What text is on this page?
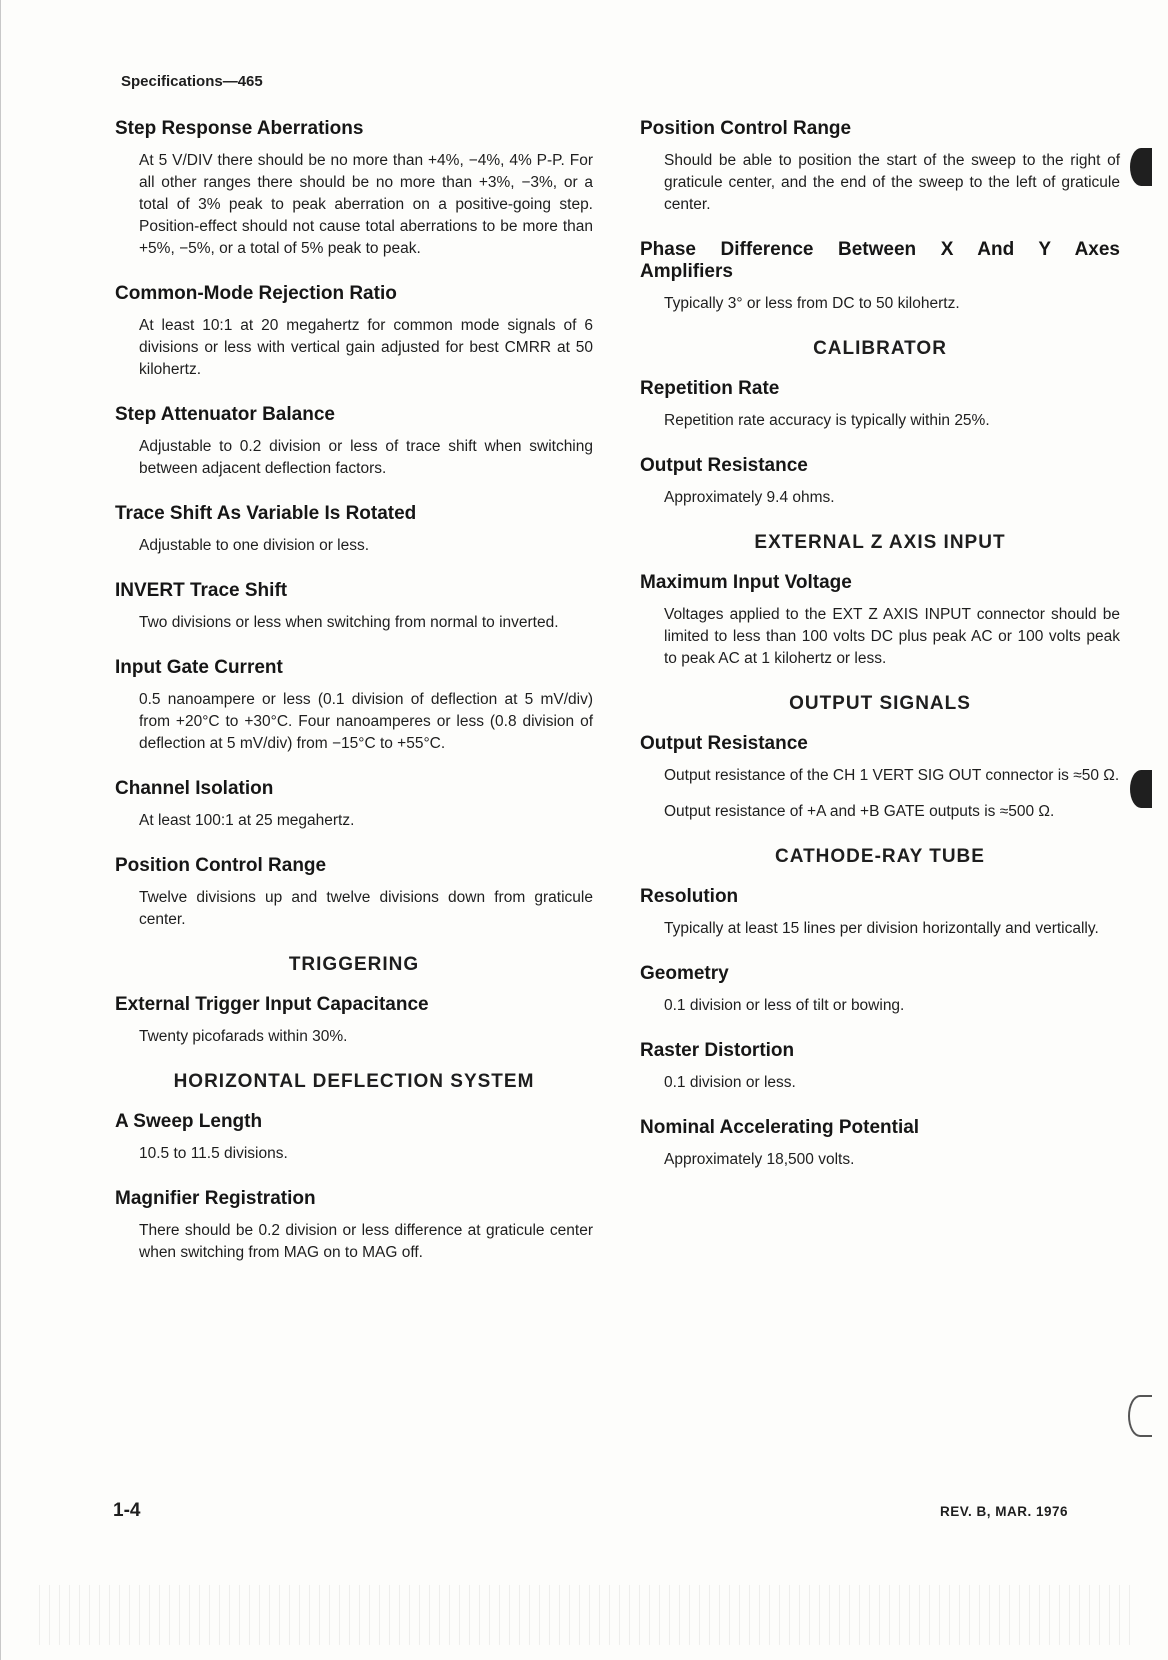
Specifications—465
Step Response Aberrations
At 5 V/DIV there should be no more than +4%, −4%, 4% P-P. For all other ranges there should be no more than +3%, −3%, or a total of 3% peak to peak aberration on a positive-going step. Position-effect should not cause total aberrations to be more than +5%, −5%, or a total of 5% peak to peak.
Common-Mode Rejection Ratio
At least 10:1 at 20 megahertz for common mode signals of 6 divisions or less with vertical gain adjusted for best CMRR at 50 kilohertz.
Step Attenuator Balance
Adjustable to 0.2 division or less of trace shift when switching between adjacent deflection factors.
Trace Shift As Variable Is Rotated
Adjustable to one division or less.
INVERT Trace Shift
Two divisions or less when switching from normal to inverted.
Input Gate Current
0.5 nanoampere or less (0.1 division of deflection at 5 mV/div) from +20°C to +30°C. Four nanoamperes or less (0.8 division of deflection at 5 mV/div) from −15°C to +55°C.
Channel Isolation
At least 100:1 at 25 megahertz.
Position Control Range
Twelve divisions up and twelve divisions down from graticule center.
TRIGGERING
External Trigger Input Capacitance
Twenty picofarads within 30%.
HORIZONTAL DEFLECTION SYSTEM
A Sweep Length
10.5 to 11.5 divisions.
Magnifier Registration
There should be 0.2 division or less difference at graticule center when switching from MAG on to MAG off.
Position Control Range
Should be able to position the start of the sweep to the right of graticule center, and the end of the sweep to the left of graticule center.
Phase Difference Between X And Y Axes
Amplifiers
Typically 3° or less from DC to 50 kilohertz.
CALIBRATOR
Repetition Rate
Repetition rate accuracy is typically within 25%.
Output Resistance
Approximately 9.4 ohms.
EXTERNAL Z AXIS INPUT
Maximum Input Voltage
Voltages applied to the EXT Z AXIS INPUT connector should be limited to less than 100 volts DC plus peak AC or 100 volts peak to peak AC at 1 kilohertz or less.
OUTPUT SIGNALS
Output Resistance
Output resistance of the CH 1 VERT SIG OUT connector is ≈50 Ω.
Output resistance of +A and +B GATE outputs is ≈500 Ω.
CATHODE-RAY TUBE
Resolution
Typically at least 15 lines per division horizontally and vertically.
Geometry
0.1 division or less of tilt or bowing.
Raster Distortion
0.1 division or less.
Nominal Accelerating Potential
Approximately 18,500 volts.
1-4	REV. B, MAR. 1976
